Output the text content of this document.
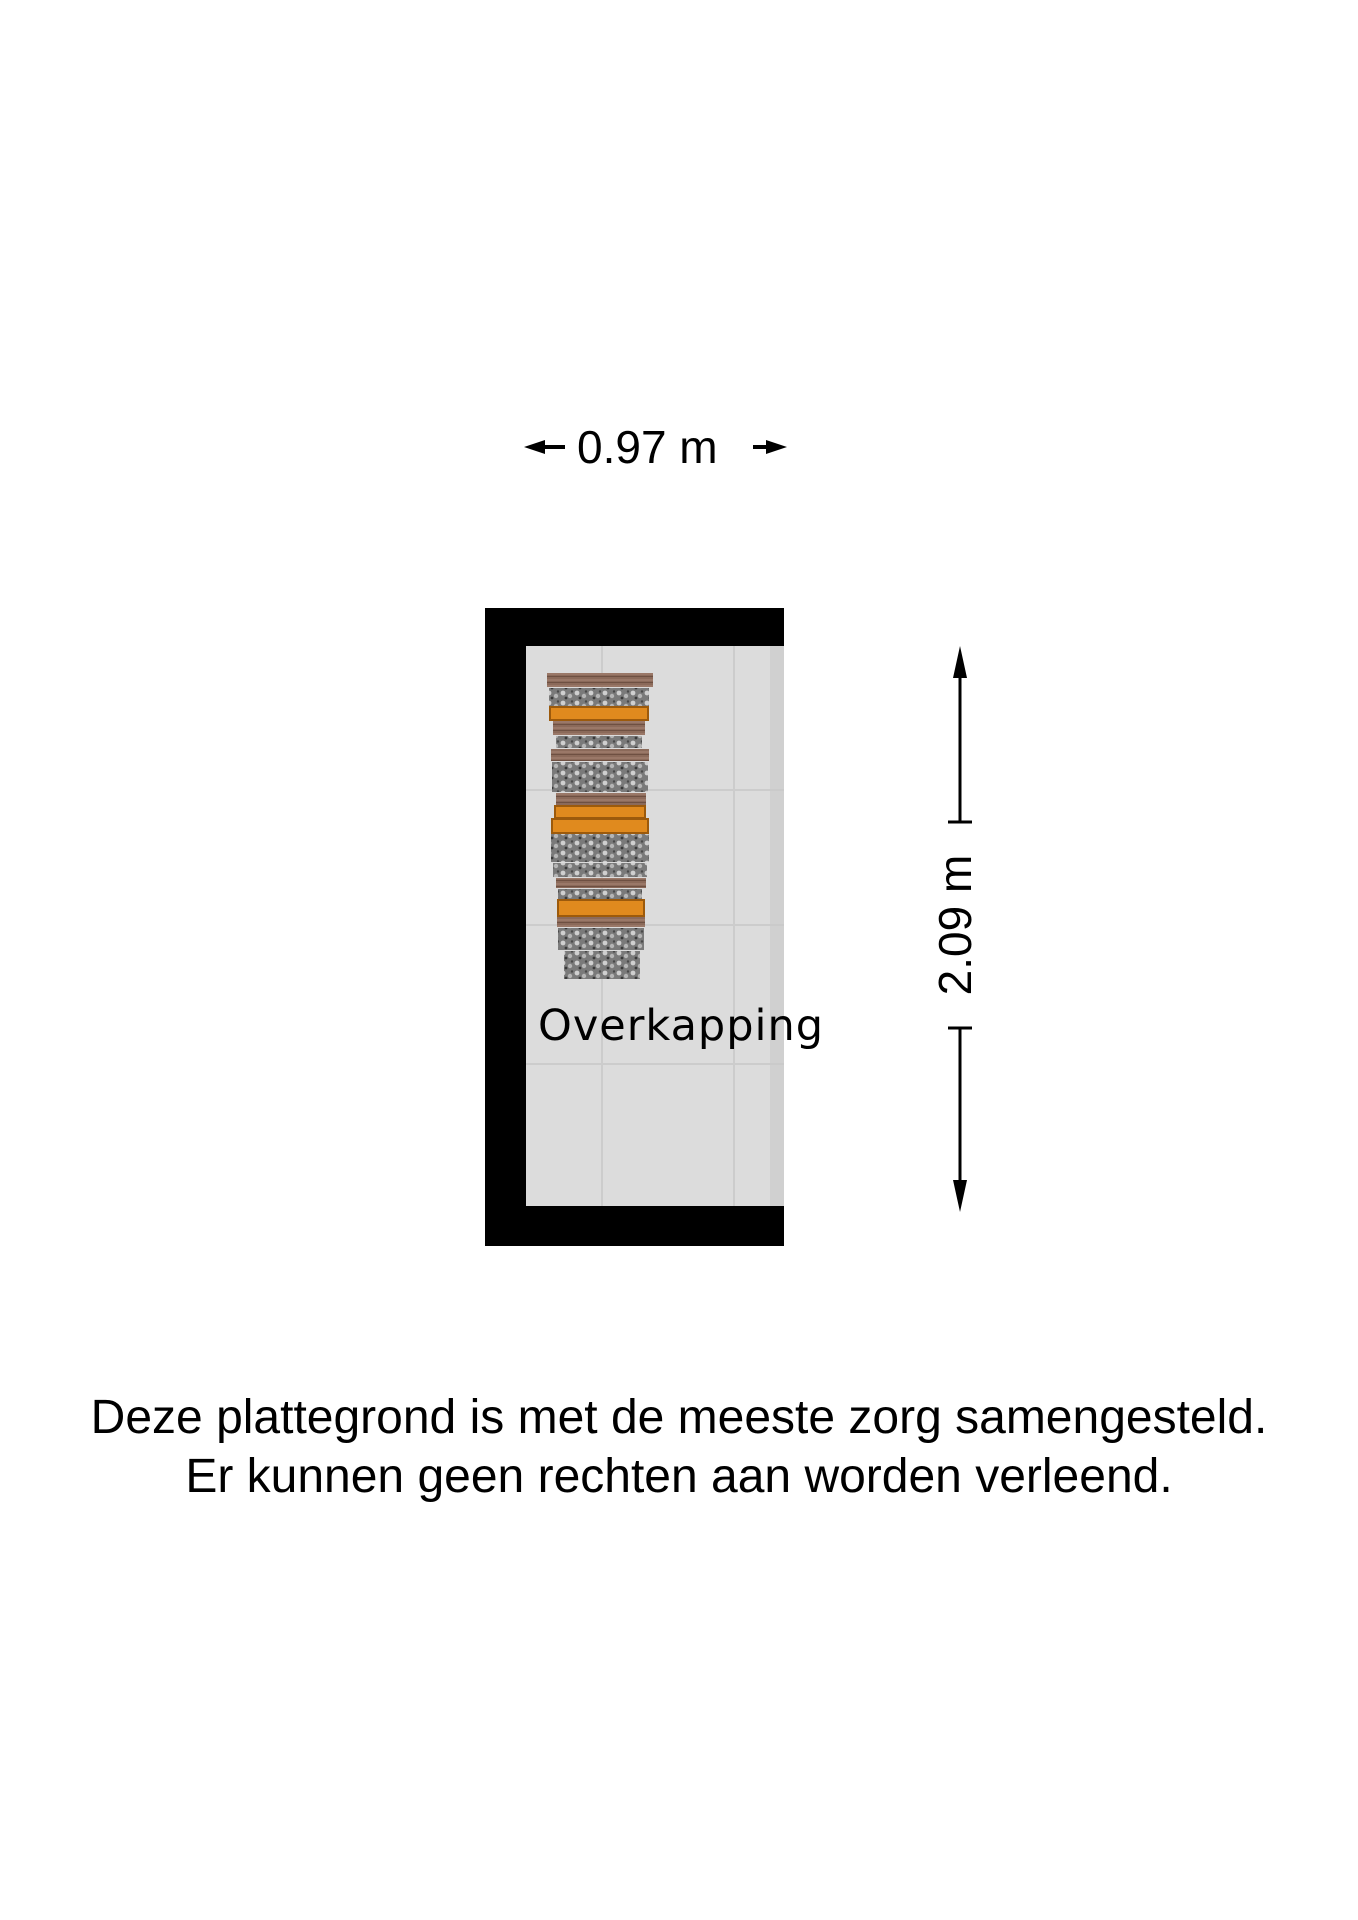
0.97 m
2.09 m
Overkapping
Deze plattegrond is met de meeste zorg samengesteld.
Er kunnen geen rechten aan worden verleend.
